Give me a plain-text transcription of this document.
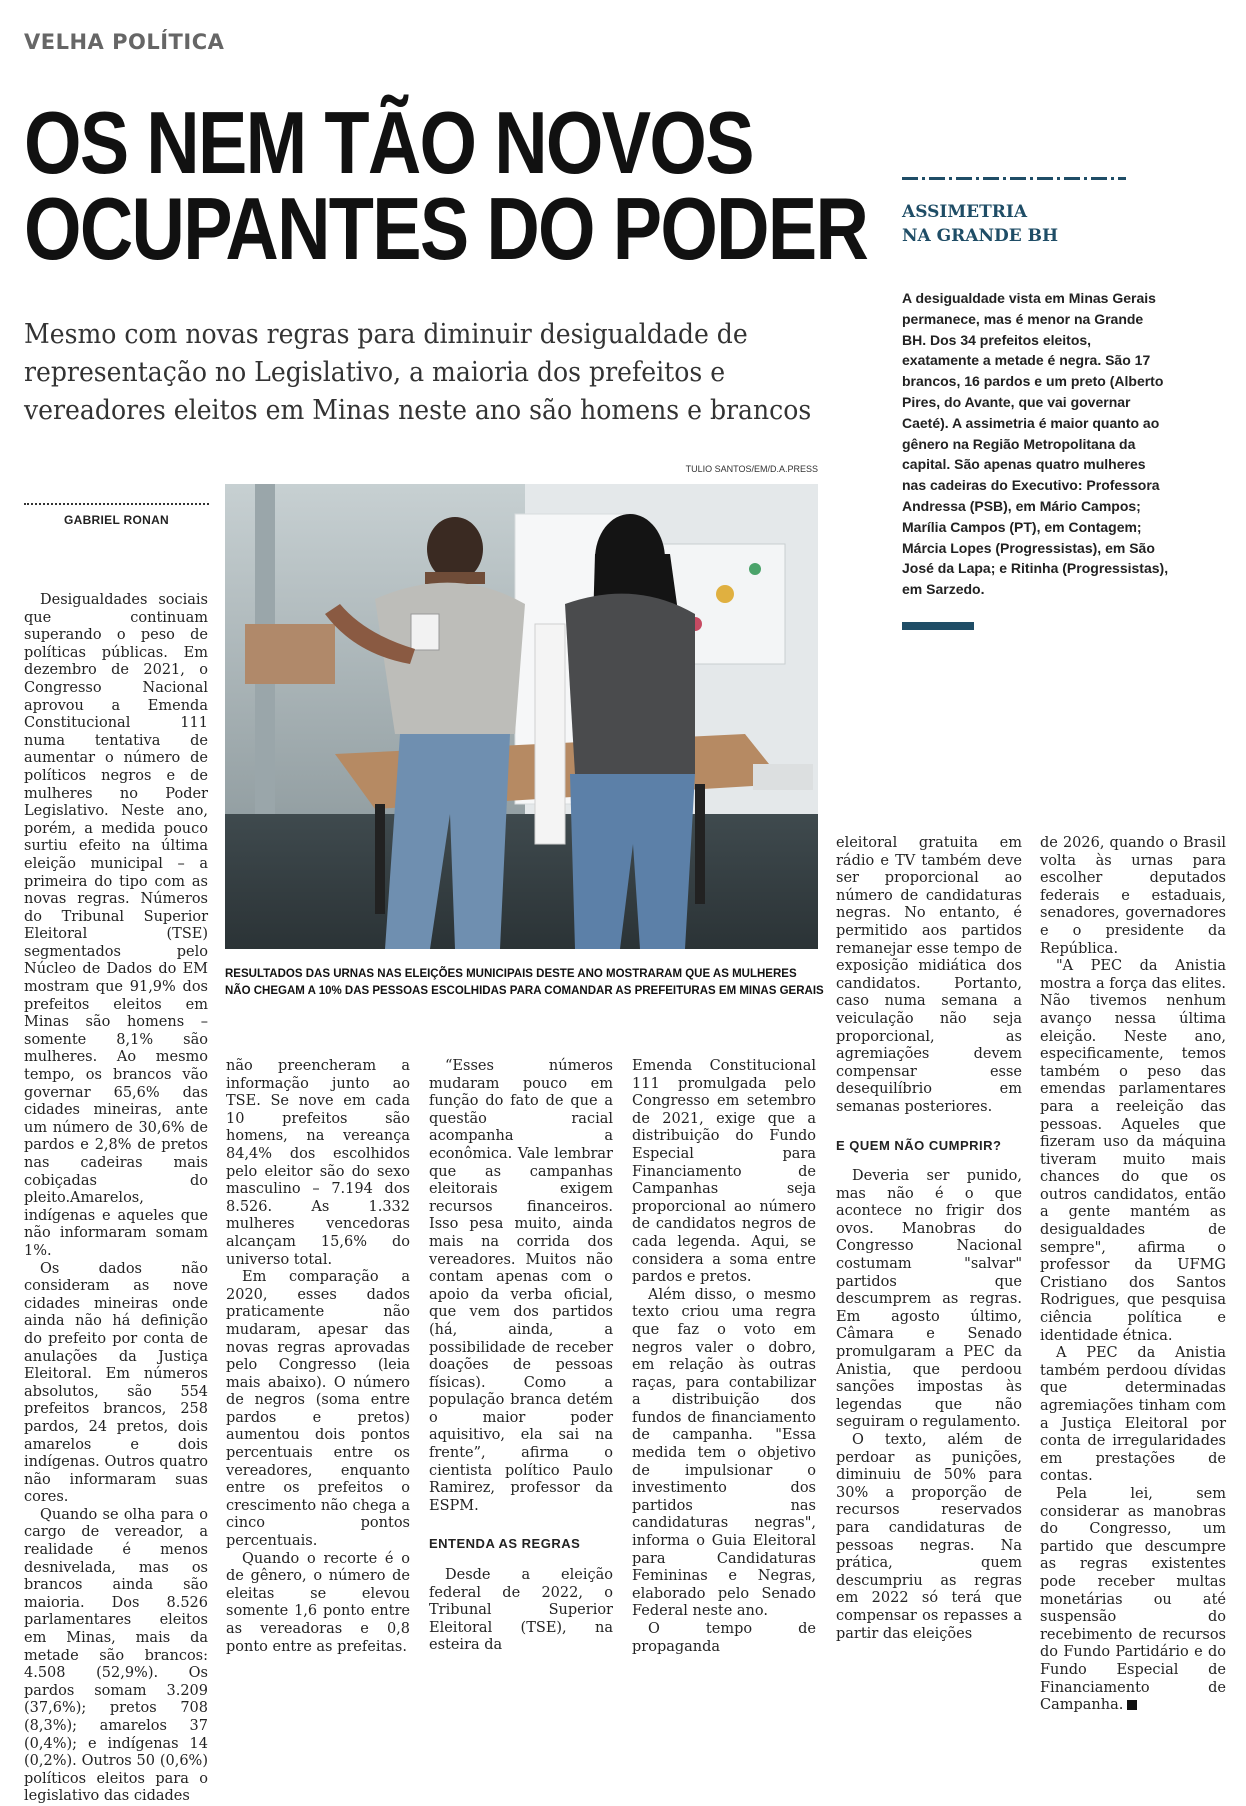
VELHA POLÍTICA
OS NEM TÃO NOVOS
OCUPANTES DO PODER
Mesmo com novas regras para diminuir desigualdade de
representação no Legislativo, a maioria dos prefeitos e
vereadores eleitos em Minas neste ano são homens e brancos
GABRIEL RONAN
TULIO SANTOS/EM/D.A.PRESS
RESULTADOS DAS URNAS NAS ELEIÇÕES MUNICIPAIS DESTE ANO MOSTRARAM QUE AS MULHERES
NÃO CHEGAM A 10% DAS PESSOAS ESCOLHIDAS PARA COMANDAR AS PREFEITURAS EM MINAS GERAIS
ASSIMETRIA
NA GRANDE BH
A desigualdade vista em Minas Gerais
permanece, mas é menor na Grande
BH. Dos 34 prefeitos eleitos,
exatamente a metade é negra. São 17
brancos, 16 pardos e um preto (Alberto
Pires, do Avante, que vai governar
Caeté). A assimetria é maior quanto ao
gênero na Região Metropolitana da
capital. São apenas quatro mulheres
nas cadeiras do Executivo: Professora
Andressa (PSB), em Mário Campos;
Marília Campos (PT), em Contagem;
Márcia Lopes (Progressistas), em São
José da Lapa; e Ritinha (Progressistas),
em Sarzedo.

Desigualdades sociais que continuam superando o peso de políticas públicas. Em dezembro de 2021, o Congresso Nacional aprovou a Emenda Constitucional 111 numa tentativa de aumentar o número de políticos negros e de mulheres no Poder Legislativo. Neste ano, porém, a medida pouco surtiu efeito na última eleição municipal – a primeira do tipo com as novas regras. Números do Tribunal Superior Eleitoral (TSE) segmentados pelo Núcleo de Dados do EM mostram que 91,9% dos prefeitos eleitos em Minas são homens – somente 8,1% são mulheres. Ao mesmo tempo, os brancos vão governar 65,6% das cidades mineiras, ante um número de 30,6% de pardos e 2,8% de pretos nas cadeiras mais cobiçadas do pleito.Amarelos, indígenas e aqueles que não informaram somam 1%.

Os dados não consideram as nove cidades mineiras onde ainda não há definição do prefeito por conta de anulações da Justiça Eleitoral. Em números absolutos, são 554 prefeitos brancos, 258 pardos, 24 pretos, dois amarelos e dois indígenas. Outros quatro não informaram suas cores.

Quando se olha para o cargo de vereador, a realidade é menos desnivelada, mas os brancos ainda são maioria. Dos 8.526 parlamentares eleitos em Minas, mais da metade são brancos: 4.508 (52,9%). Os pardos somam 3.209 (37,6%); pretos 708 (8,3%); amarelos 37 (0,4%); e indígenas 14 (0,2%). Outros 50 (0,6%) políticos eleitos para o legislativo das cidades

não preencheram a informação junto ao TSE. Se nove em cada 10 prefeitos são homens, na vereança 84,4% dos escolhidos pelo eleitor são do sexo masculino – 7.194 dos 8.526. As 1.332 mulheres vencedoras alcançam 15,6% do universo total.

Em comparação a 2020, esses dados praticamente não mudaram, apesar das novas regras aprovadas pelo Congresso (leia mais abaixo). O número de negros (soma entre pardos e pretos) aumentou dois pontos percentuais entre os vereadores, enquanto entre os prefeitos o crescimento não chega a cinco pontos percentuais.

Quando o recorte é o de gênero, o número de eleitas se elevou somente 1,6 ponto entre as vereadoras e 0,8 ponto entre as prefeitas.

“Esses números mudaram pouco em função do fato de que a questão racial acompanha a econômica. Vale lembrar que as campanhas eleitorais exigem recursos financeiros. Isso pesa muito, ainda mais na corrida dos vereadores. Muitos não contam apenas com o apoio da verba oficial, que vem dos partidos (há, ainda, a possibilidade de receber doações de pessoas físicas). Como a população branca detém o maior poder aquisitivo, ela sai na frente”, afirma o cientista político Paulo Ramirez, professor da ESPM.

ENTENDA AS REGRAS

Desde a eleição federal de 2022, o Tribunal Superior Eleitoral (TSE), na esteira da

Emenda Constitucional 111 promulgada pelo Congresso em setembro de 2021, exige que a distribuição do Fundo Especial para Financiamento de Campanhas seja proporcional ao número de candidatos negros de cada legenda. Aqui, se considera a soma entre pardos e pretos.

Além disso, o mesmo texto criou uma regra que faz o voto em negros valer o dobro, em relação às outras raças, para contabilizar a distribuição dos fundos de financiamento de campanha. "Essa medida tem o objetivo de impulsionar o investimento dos partidos nas candidaturas negras", informa o Guia Eleitoral para Candidaturas Femininas e Negras, elaborado pelo Senado Federal neste ano.

O tempo de propaganda

eleitoral gratuita em rádio e TV também deve ser proporcional ao número de candidaturas negras. No entanto, é permitido aos partidos remanejar esse tempo de exposição midiática dos candidatos. Portanto, caso numa semana a veiculação não seja proporcional, as agremiações devem compensar esse desequilíbrio em semanas posteriores.

E QUEM NÃO CUMPRIR?

Deveria ser punido, mas não é o que acontece no frigir dos ovos. Manobras do Congresso Nacional costumam "salvar" partidos que descumprem as regras. Em agosto último, Câmara e Senado promulgaram a PEC da Anistia, que perdoou sanções impostas às legendas que não seguiram o regulamento.

O texto, além de perdoar as punições, diminuiu de 50% para 30% a proporção de recursos reservados para candidaturas de pessoas negras. Na prática, quem descumpriu as regras em 2022 só terá que compensar os repasses a partir das eleições

de 2026, quando o Brasil volta às urnas para escolher deputados federais e estaduais, senadores, governadores e o presidente da República.

"A PEC da Anistia mostra a força das elites. Não tivemos nenhum avanço nessa última eleição. Neste ano, especificamente, temos também o peso das emendas parlamentares para a reeleição das pessoas. Aqueles que fizeram uso da máquina tiveram muito mais chances do que os outros candidatos, então a gente mantém as desigualdades de sempre", afirma o professor da UFMG Cristiano dos Santos Rodrigues, que pesquisa ciência política e identidade étnica.

A PEC da Anistia também perdoou dívidas que determinadas agremiações tinham com a Justiça Eleitoral por conta de irregularidades em prestações de contas.

Pela lei, sem considerar as manobras do Congresso, um partido que descumpre as regras existentes pode receber multas monetárias ou até suspensão do recebimento de recursos do Fundo Partidário e do Fundo Especial de Financiamento de Campanha.
